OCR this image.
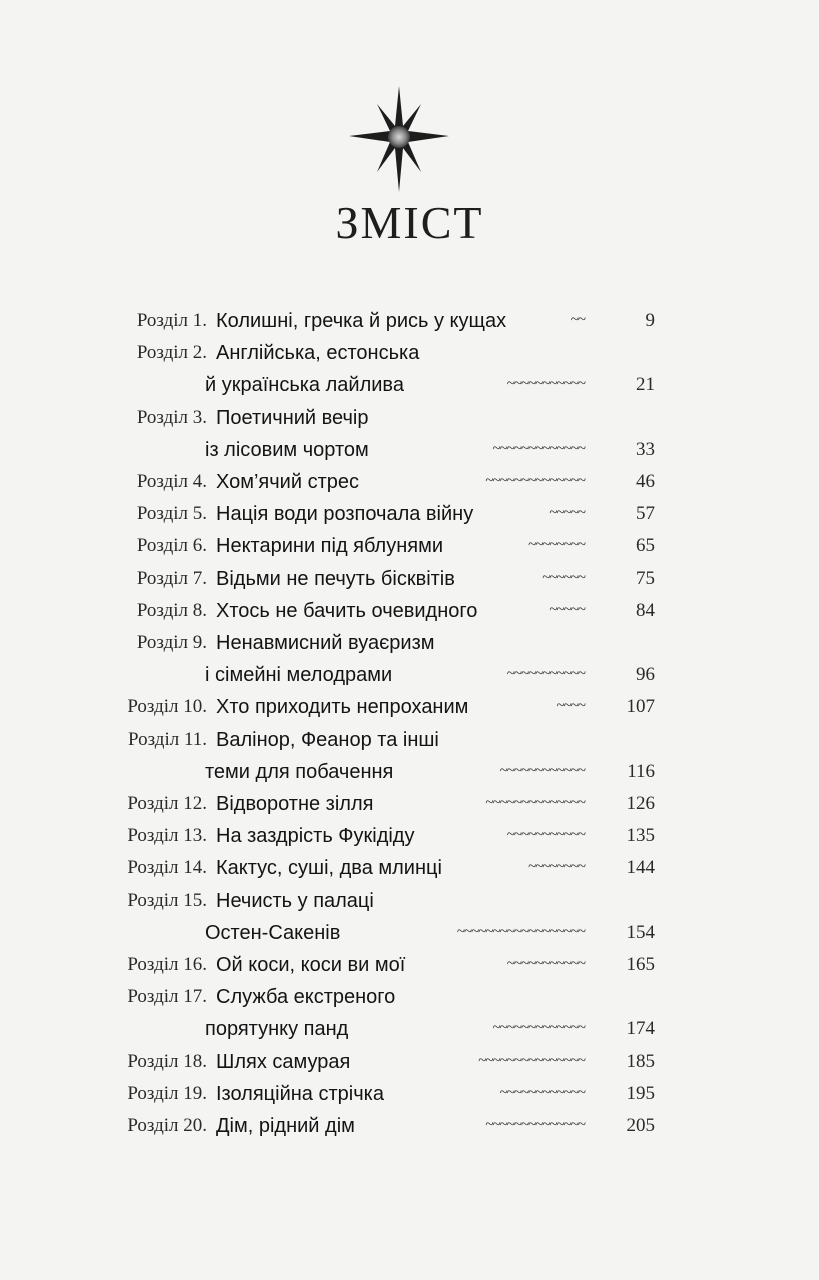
ЗМІСТ
Розділ 1. Колишні, гречка й рись у кущах	~~	9
Розділ 2. Англійська, естонська
й українська лайлива	~~~~~~~~~~~	21
Розділ 3. Поетичний вечір
із лісовим чортом	~~~~~~~~~~~~~	33
Розділ 4. Хом’ячий стрес	~~~~~~~~~~~~~~	46
Розділ 5. Нація води розпочала війну	~~~~~	57
Розділ 6. Нектарини під яблунями	~~~~~~~~	65
Розділ 7. Відьми не печуть бісквітів	~~~~~~	75
Розділ 8. Хтось не бачить очевидного	~~~~~	84
Розділ 9. Ненавмисний вуаєризм
і сімейні мелодрами	~~~~~~~~~~~	96
Розділ 10. Хто приходить непроханим	~~~~ 107
Розділ 11. Валінор, Феанор та інші
теми для побачення	~~~~~~~~~~~~ 116
Розділ 12. Відворотне зілля	~~~~~~~~~~~~~~ 126
Розділ 13. На заздрість Фукідіду	~~~~~~~~~~~ 135
Розділ 14. Кактус, суші, два млинці	~~~~~~~~ 144
Розділ 15. Нечисть у палаці
Остен-Сакенів	~~~~~~~~~~~~~~~~~~ 154
Розділ 16. Ой коси, коси ви мої	~~~~~~~~~~~ 165
Розділ 17. Служба екстреного
порятунку панд	~~~~~~~~~~~~~ 174
Розділ 18. Шлях самурая	~~~~~~~~~~~~~~~ 185
Розділ 19. Ізоляційна стрічка	~~~~~~~~~~~~ 195
Розділ 20. Дім, рідний дім	~~~~~~~~~~~~~~ 205
